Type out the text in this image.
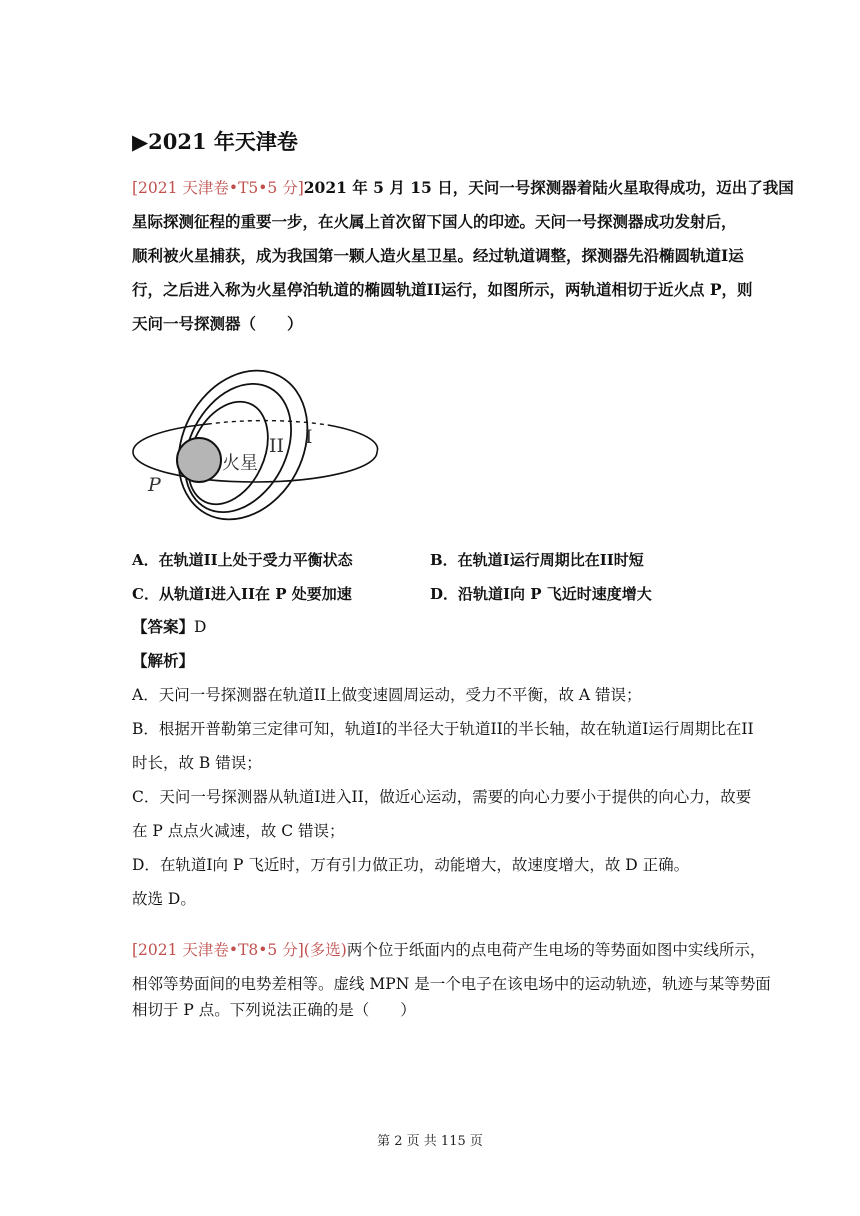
▶2021 年天津卷
[2021 天津卷•T5•5 分]2021 年 5 月 15 日，天问一号探测器着陆火星取得成功，迈出了我国
星际探测征程的重要一步，在火属上首次留下国人的印迹。天问一号探测器成功发射后，
顺利被火星捕获，成为我国第一颗人造火星卫星。经过轨道调整，探测器先沿椭圆轨道I运
行，之后进入称为火星停泊轨道的椭圆轨道II运行，如图所示，两轨道相切于近火点 P，则
天问一号探测器（　　）
火星
II I
P
A．在轨道II上处于受力平衡状态	B．在轨道I运行周期比在II时短
C．从轨道I进入II在 P 处要加速	D．沿轨道I向 P 飞近时速度增大
【答案】D
【解析】
A．天问一号探测器在轨道II上做变速圆周运动，受力不平衡，故 A 错误；
B．根据开普勒第三定律可知，轨道I的半径大于轨道II的半长轴，故在轨道I运行周期比在II
时长，故 B 错误；
C．天问一号探测器从轨道I进入II，做近心运动，需要的向心力要小于提供的向心力，故要
在 P 点点火减速，故 C 错误；
D．在轨道I向 P 飞近时，万有引力做正功，动能增大，故速度增大，故 D 正确。
故选 D。
[2021 天津卷•T8•5 分](多选)两个位于纸面内的点电荷产生电场的等势面如图中实线所示，
相邻等势面间的电势差相等。虚线 MPN 是一个电子在该电场中的运动轨迹，轨迹与某等势面
相切于 P 点。下列说法正确的是（　　）
第 2 页 共 115 页
